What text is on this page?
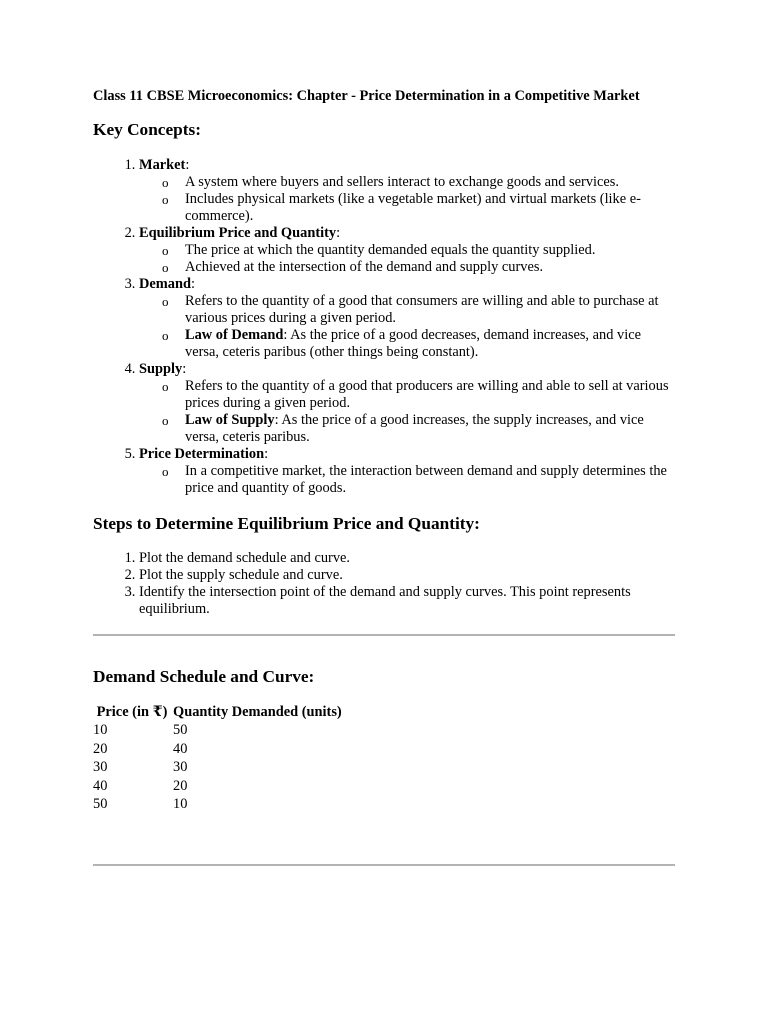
Class 11 CBSE Microeconomics: Chapter - Price Determination in a Competitive Market

Key Concepts:
1. Market:
o A system where buyers and sellers interact to exchange goods and services.
o Includes physical markets (like a vegetable market) and virtual markets (like e-commerce).
2. Equilibrium Price and Quantity:
o The price at which the quantity demanded equals the quantity supplied.
o Achieved at the intersection of the demand and supply curves.
3. Demand:
o Refers to the quantity of a good that consumers are willing and able to purchase at various prices during a given period.
o Law of Demand: As the price of a good decreases, demand increases, and vice versa, ceteris paribus (other things being constant).
4. Supply:
o Refers to the quantity of a good that producers are willing and able to sell at various prices during a given period.
o Law of Supply: As the price of a good increases, the supply increases, and vice versa, ceteris paribus.
5. Price Determination:
o In a competitive market, the interaction between demand and supply determines the price and quantity of goods.
Steps to Determine Equilibrium Price and Quantity:
1. Plot the demand schedule and curve.
2. Plot the supply schedule and curve.
3. Identify the intersection point of the demand and supply curves. This point represents equilibrium.
Demand Schedule and Curve:
Price (in ₹)	Quantity Demanded (units)
10	50
20	40
30	30
40	20
50	10
